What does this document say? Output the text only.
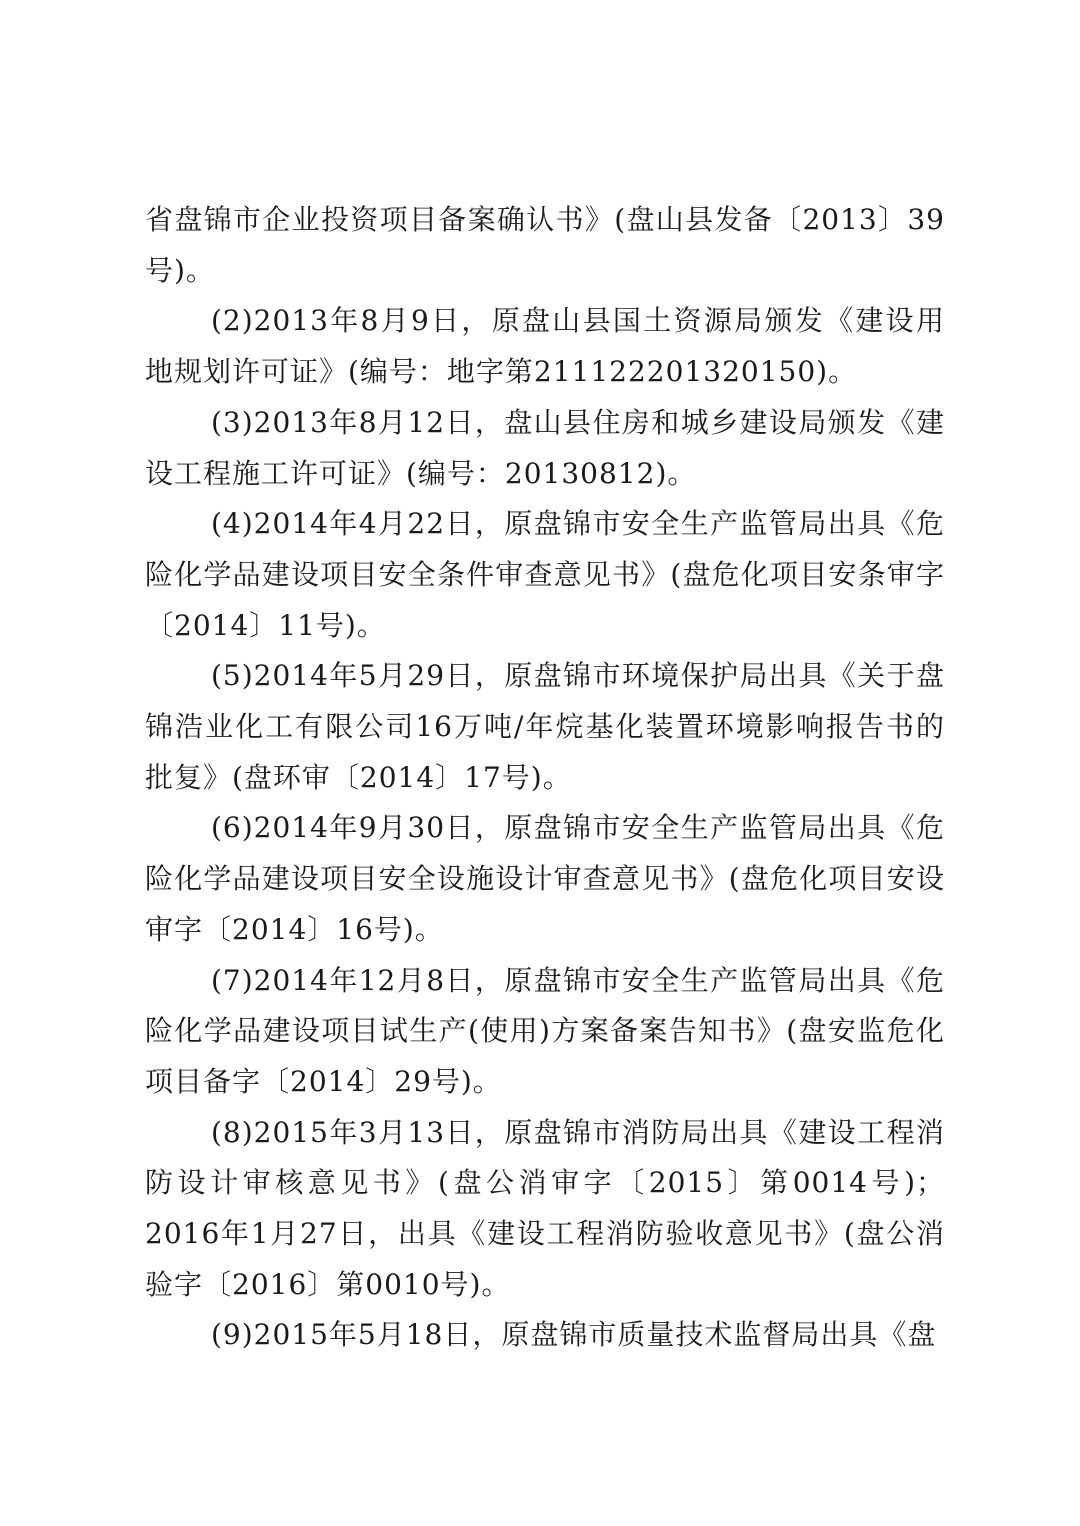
省盘锦市企业投资项目备案确认书》(盘山县发备〔2013〕39号)。

(2)2013年8月9日，原盘山县国土资源局颁发《建设用地规划许可证》(编号：地字第211122201320150)。

(3)2013年8月12日，盘山县住房和城乡建设局颁发《建设工程施工许可证》(编号：20130812)。

(4)2014年4月22日，原盘锦市安全生产监管局出具《危险化学品建设项目安全条件审查意见书》(盘危化项目安条审字〔2014〕11号)。

(5)2014年5月29日，原盘锦市环境保护局出具《关于盘锦浩业化工有限公司16万吨/年烷基化装置环境影响报告书的批复》(盘环审〔2014〕17号)。

(6)2014年9月30日，原盘锦市安全生产监管局出具《危险化学品建设项目安全设施设计审查意见书》(盘危化项目安设审字〔2014〕16号)。

(7)2014年12月8日，原盘锦市安全生产监管局出具《危险化学品建设项目试生产(使用)方案备案告知书》(盘安监危化项目备字〔2014〕29号)。

(8)2015年3月13日，原盘锦市消防局出具《建设工程消防设计审核意见书》(盘公消审字〔2015〕第0014号)；2016年1月27日，出具《建设工程消防验收意见书》(盘公消验字〔2016〕第0010号)。

(9)2015年5月18日，原盘锦市质量技术监督局出具《盘
